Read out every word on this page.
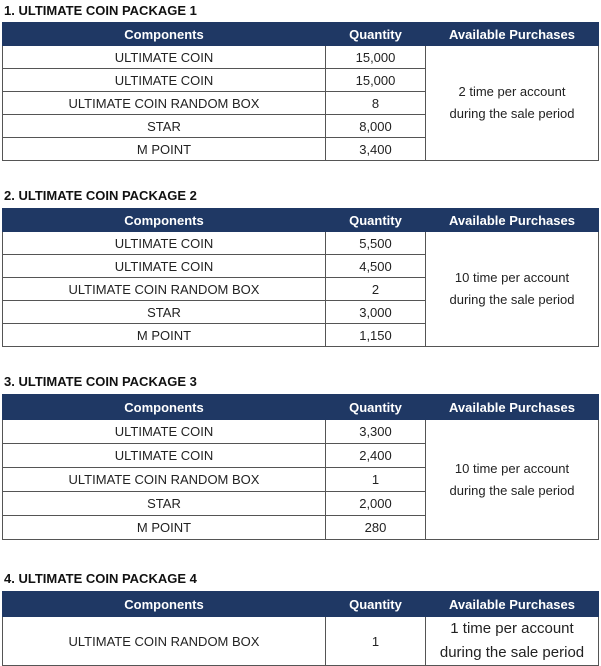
1. ULTIMATE COIN PACKAGE 1
Components	Quantity	Available Purchases
ULTIMATE COIN	15,000	2 time per account
during the sale period

ULTIMATE COIN	15,000	
ULTIMATE COIN RANDOM BOX	8	
STAR	8,000	
M POINT	3,400	
2. ULTIMATE COIN PACKAGE 2
Components	Quantity	Available Purchases
ULTIMATE COIN	5,500	10 time per account
during the sale period

ULTIMATE COIN	4,500	
ULTIMATE COIN RANDOM BOX	2	
STAR	3,000	
M POINT	1,150	
3. ULTIMATE COIN PACKAGE 3
Components	Quantity	Available Purchases
ULTIMATE COIN	3,300	10 time per account
during the sale period

ULTIMATE COIN	2,400	
ULTIMATE COIN RANDOM BOX	1	
STAR	2,000	
M POINT	280	
4. ULTIMATE COIN PACKAGE 4
Components	Quantity	Available Purchases
ULTIMATE COIN RANDOM BOX	1	1 time per account
during the sale period
